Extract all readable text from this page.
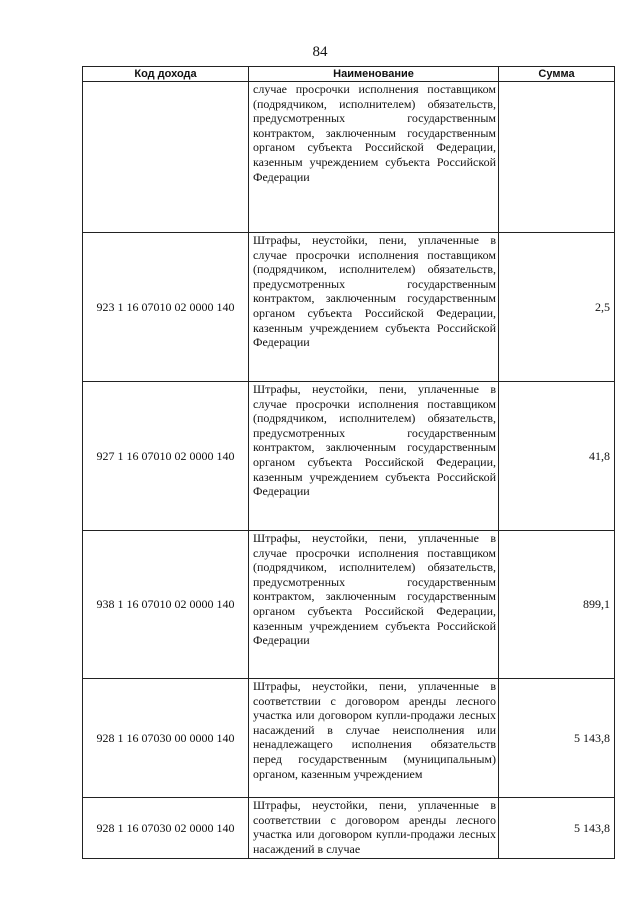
84
Код дохода	Наименование	Сумма
	случае просрочки исполнения поставщиком (подрядчиком, исполнителем) обязательств, предусмотренных государственным контрактом, заключенным государственным органом субъекта Российской Федерации, казенным учреждением субъекта Российской Федерации	
923 1 16 07010 02 0000 140	Штрафы, неустойки, пени, уплаченные в случае просрочки исполнения поставщиком (подрядчиком, исполнителем) обязательств, предусмотренных государственным контрактом, заключенным государственным органом субъекта Российской Федерации, казенным учреждением субъекта Российской Федерации	2,5
927 1 16 07010 02 0000 140	Штрафы, неустойки, пени, уплаченные в случае просрочки исполнения поставщиком (подрядчиком, исполнителем) обязательств, предусмотренных государственным контрактом, заключенным государственным органом субъекта Российской Федерации, казенным учреждением субъекта Российской Федерации	41,8
938 1 16 07010 02 0000 140	Штрафы, неустойки, пени, уплаченные в случае просрочки исполнения поставщиком (подрядчиком, исполнителем) обязательств, предусмотренных государственным контрактом, заключенным государственным органом субъекта Российской Федерации, казенным учреждением субъекта Российской Федерации	899,1
928 1 16 07030 00 0000 140	Штрафы, неустойки, пени, уплаченные в соответствии с договором аренды лесного участка или договором купли-продажи лесных насаждений в случае неисполнения или ненадлежащего исполнения обязательств перед государственным (муниципальным) органом, казенным учреждением	5 143,8
928 1 16 07030 02 0000 140	Штрафы, неустойки, пени, уплаченные в соответствии с договором аренды лесного участка или договором купли-продажи лесных насаждений в случае	5 143,8
